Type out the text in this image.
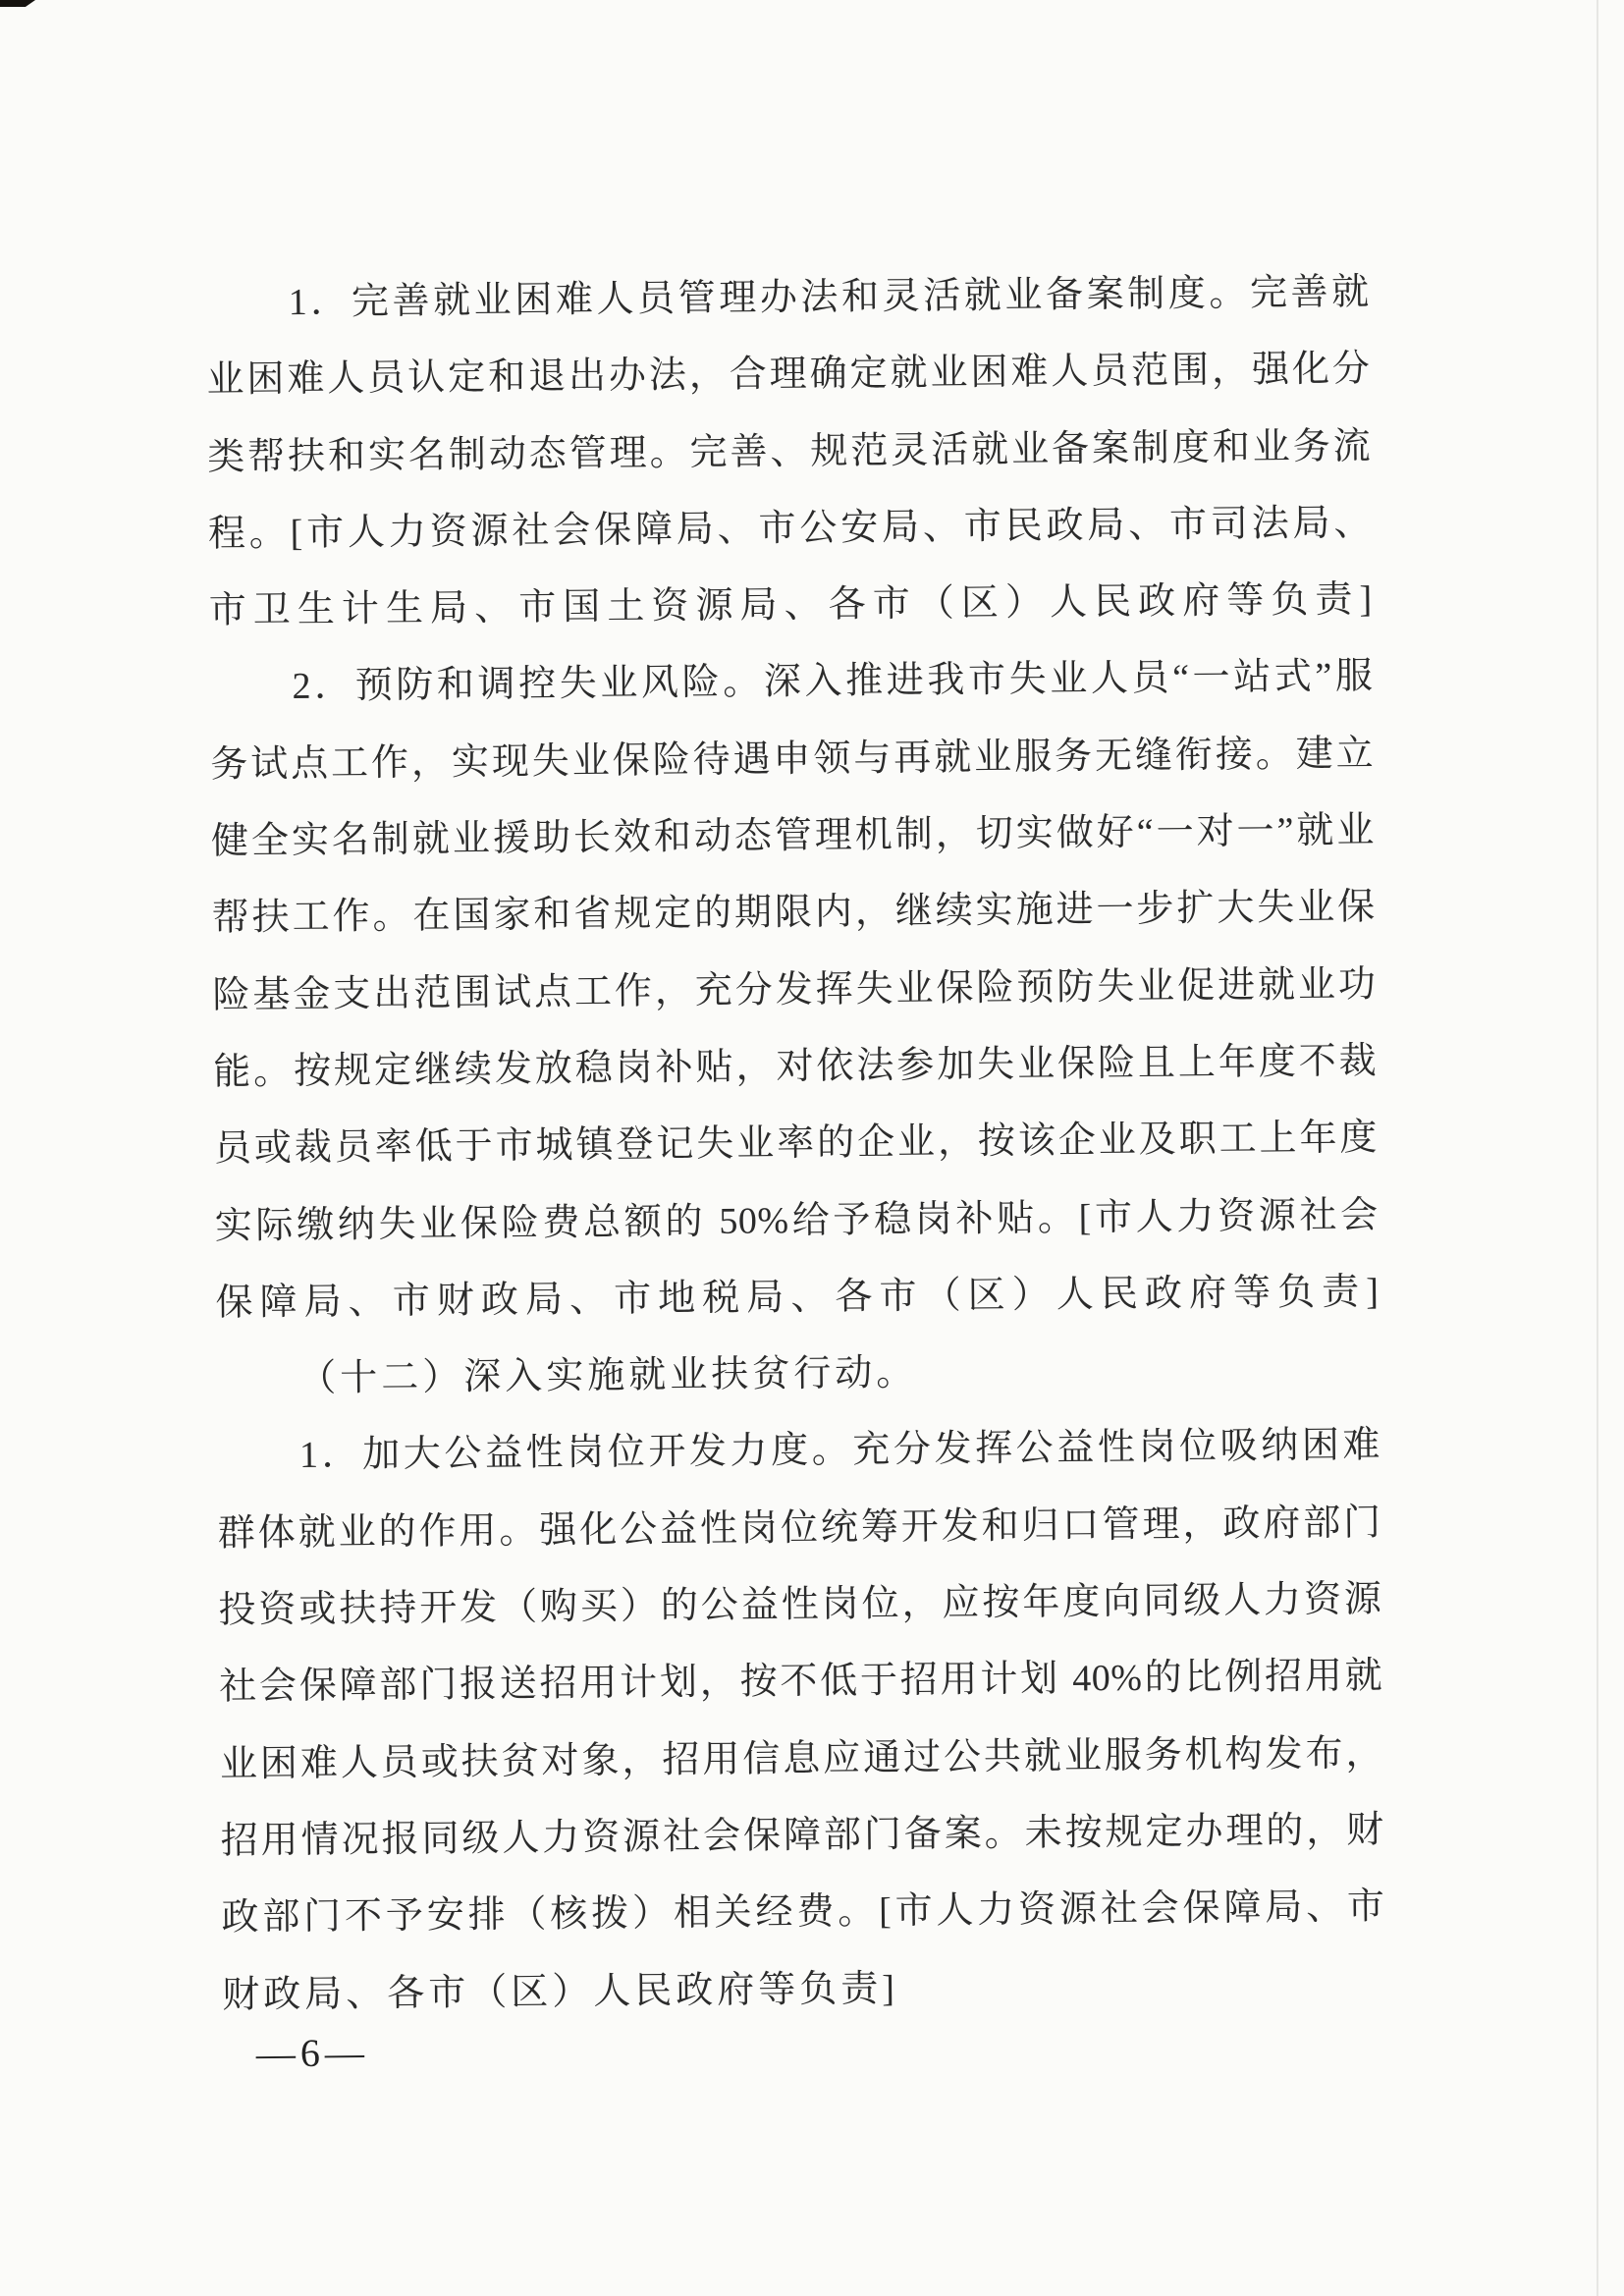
1．完善就业困难人员管理办法和灵活就业备案制度。完善就
业困难人员认定和退出办法，合理确定就业困难人员范围，强化分
类帮扶和实名制动态管理。完善、规范灵活就业备案制度和业务流
程。[市人力资源社会保障局、市公安局、市民政局、市司法局、
市卫生计生局、市国土资源局、各市（区）人民政府等负责]
2．预防和调控失业风险。深入推进我市失业人员“一站式”服
务试点工作，实现失业保险待遇申领与再就业服务无缝衔接。建立
健全实名制就业援助长效和动态管理机制，切实做好“一对一”就业
帮扶工作。在国家和省规定的期限内，继续实施进一步扩大失业保
险基金支出范围试点工作，充分发挥失业保险预防失业促进就业功
能。按规定继续发放稳岗补贴，对依法参加失业保险且上年度不裁
员或裁员率低于市城镇登记失业率的企业，按该企业及职工上年度
实际缴纳失业保险费总额的 50%给予稳岗补贴。[市人力资源社会
保障局、市财政局、市地税局、各市（区）人民政府等负责]
（十二）深入实施就业扶贫行动。
1．加大公益性岗位开发力度。充分发挥公益性岗位吸纳困难
群体就业的作用。强化公益性岗位统筹开发和归口管理，政府部门
投资或扶持开发（购买）的公益性岗位，应按年度向同级人力资源
社会保障部门报送招用计划，按不低于招用计划 40%的比例招用就
业困难人员或扶贫对象，招用信息应通过公共就业服务机构发布，
招用情况报同级人力资源社会保障部门备案。未按规定办理的，财
政部门不予安排（核拨）相关经费。[市人力资源社会保障局、市
财政局、各市（区）人民政府等负责]
—6—
